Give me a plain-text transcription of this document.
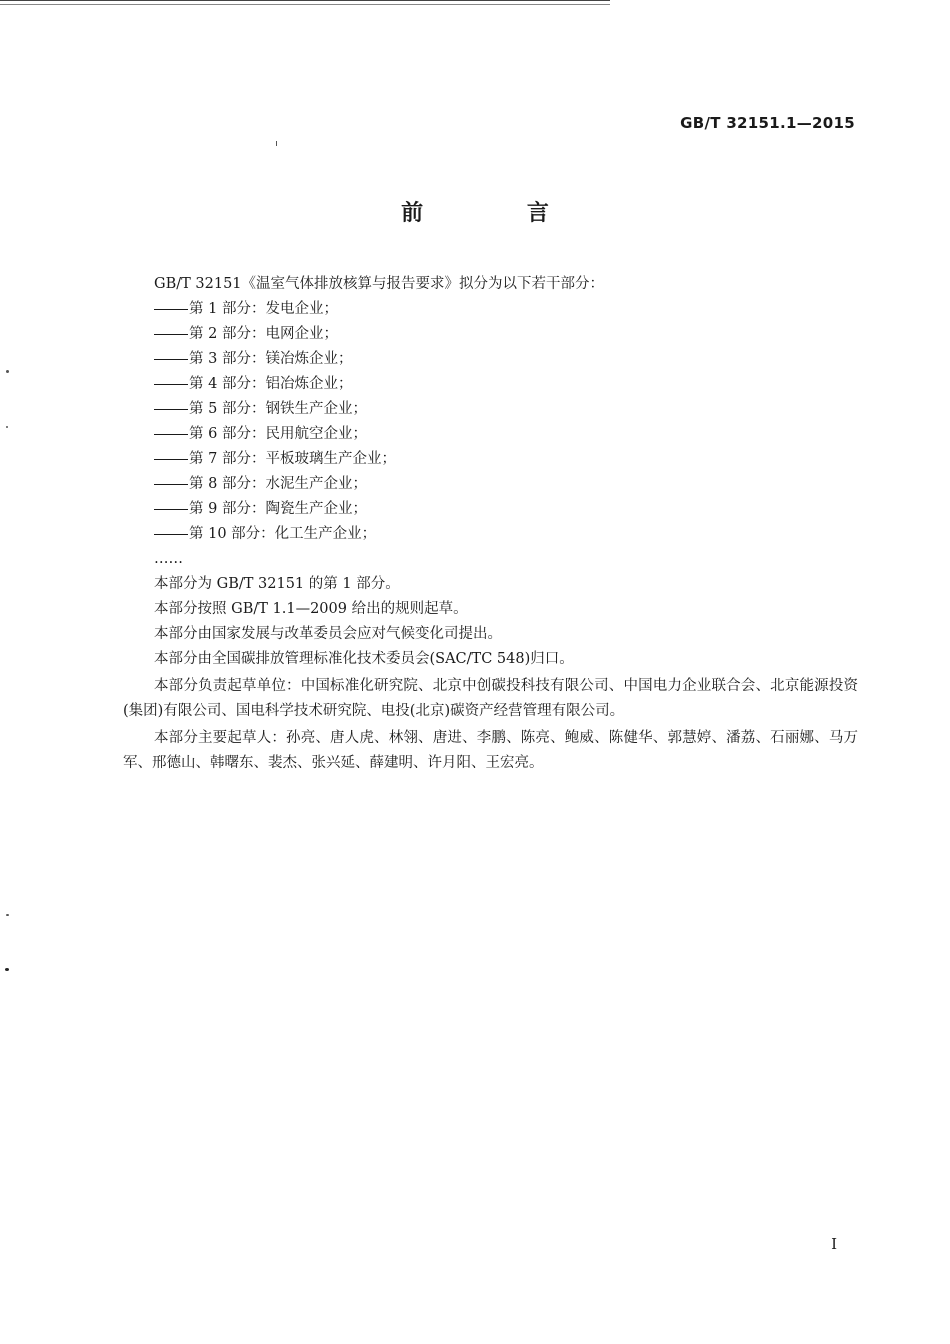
GB/T 32151.1—2015
前 言
GB/T 32151《温室气体排放核算与报告要求》拟分为以下若干部分：
第 1 部分：发电企业；
第 2 部分：电网企业；
第 3 部分：镁冶炼企业；
第 4 部分：铝冶炼企业；
第 5 部分：钢铁生产企业；
第 6 部分：民用航空企业；
第 7 部分：平板玻璃生产企业；
第 8 部分：水泥生产企业；
第 9 部分：陶瓷生产企业；
第 10 部分：化工生产企业；
……
本部分为 GB/T 32151 的第 1 部分。
本部分按照 GB/T 1.1—2009 给出的规则起草。
本部分由国家发展与改革委员会应对气候变化司提出。
本部分由全国碳排放管理标准化技术委员会(SAC/TC 548)归口。
本部分负责起草单位：中国标准化研究院、北京中创碳投科技有限公司、中国电力企业联合会、北京能源投资(集团)有限公司、国电科学技术研究院、电投(北京)碳资产经营管理有限公司。
本部分主要起草人：孙亮、唐人虎、林翎、唐进、李鹏、陈亮、鲍威、陈健华、郭慧婷、潘荔、石丽娜、马万军、邢德山、韩曙东、裴杰、张兴延、薛建明、许月阳、王宏亮。
I
